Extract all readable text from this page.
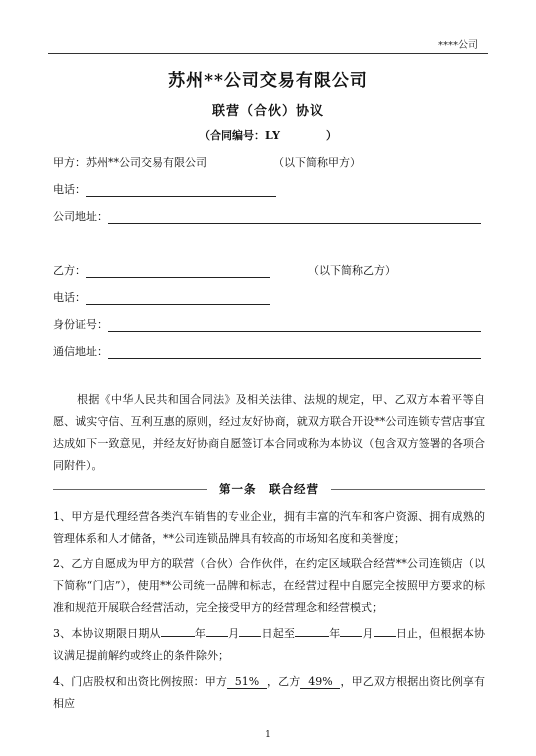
****公司
苏州**公司交易有限公司
联营（合伙）协议
（合同编号：LY	）
甲方： 苏州**公司交易有限公司	（以下简称甲方）
电话：
公司地址：
乙方：	（以下简称乙方）
电话：
身份证号：
通信地址：
根据《中华人民共和国合同法》及相关法律、法规的规定，甲、乙双方本着平等自愿、诚实守信、互利互惠的原则，经过友好协商，就双方联合开设**公司连锁专营店事宜达成如下一致意见，并经友好协商自愿签订本合同或称为本协议（包含双方签署的各项合同附件）。
第一条　联合经营
1、甲方是代理经营各类汽车销售的专业企业，拥有丰富的汽车和客户资源、拥有成熟的管理体系和人才储备，**公司连锁品牌具有较高的市场知名度和美誉度；
2、乙方自愿成为甲方的联营（合伙）合作伙伴，在约定区域联合经营**公司连锁店（以下简称“门店”），使用**公司统一品牌和标志，在经营过程中自愿完全按照甲方要求的标准和规范开展联合经营活动，完全接受甲方的经营理念和经营模式；
3、本协议期限日期从	年 月 日起至	年 月 日止，但根据本协议满足提前解约或终止的条件除外；
4、门店股权和出资比例按照：甲方 51% ，乙方 49% ，甲乙双方根据出资比例享有相应
1
